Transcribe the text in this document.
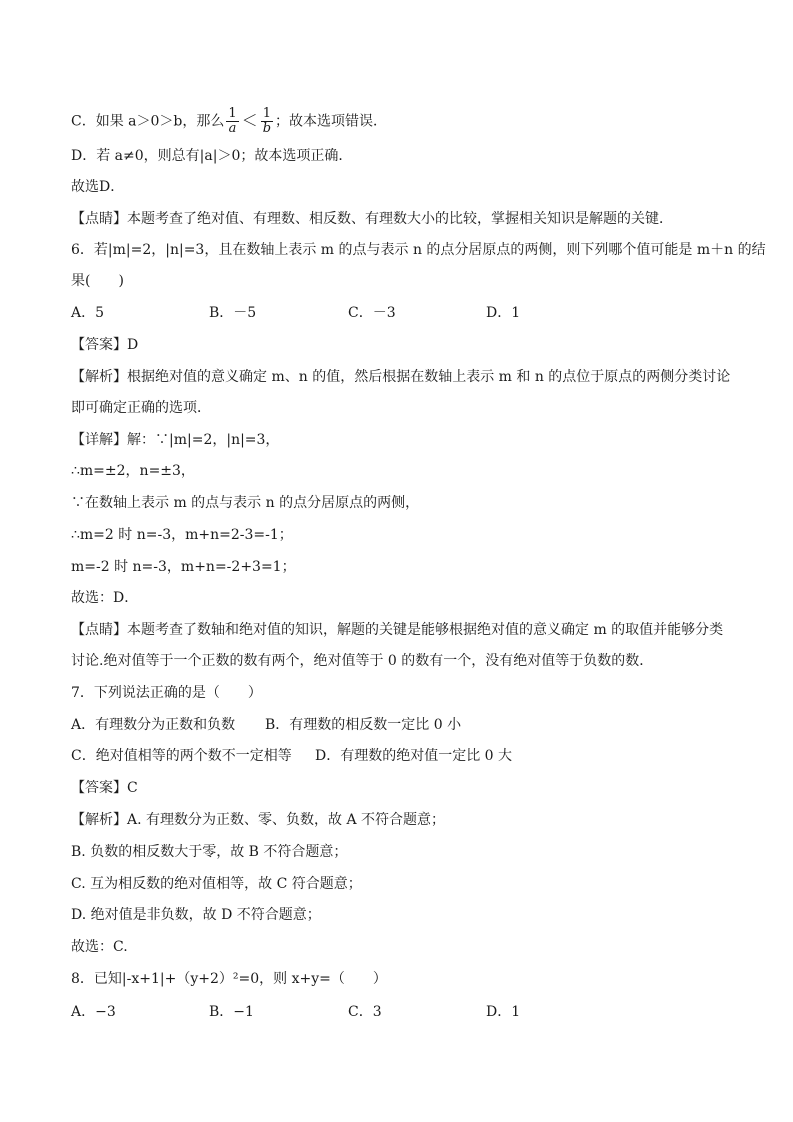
C．如果 a＞0＞b，那么 $\frac{1}{a} < \frac{1}{b}$ ；故本选项错误．
D．若 a≠0，则总有|a|＞0；故本选项正确．
故选D．
【点睛】本题考查了绝对值、有理数、相反数、有理数大小的比较，掌握相关知识是解题的关键．
6．若|m|=2，|n|=3，且在数轴上表示 m 的点与表示 n 的点分居原点的两侧，则下列哪个值可能是 m＋n 的结
果(　　)
A．5	B．－5	C．－3	D．1
【答案】D
【解析】根据绝对值的意义确定 m、n 的值，然后根据在数轴上表示 m 和 n 的点位于原点的两侧分类讨论
即可确定正确的选项．
【详解】解：∵|m|=2，|n|=3，
∴m=±2，n=±3，
∵在数轴上表示 m 的点与表示 n 的点分居原点的两侧，
∴m=2 时 n=-3，m+n=2-3=-1；
m=-2 时 n=-3，m+n=-2+3=1；
故选：D．
【点睛】本题考查了数轴和绝对值的知识，解题的关键是能够根据绝对值的意义确定 m 的取值并能够分类
讨论.绝对值等于一个正数的数有两个，绝对值等于 0 的数有一个，没有绝对值等于负数的数．
7．下列说法正确的是（　　）
A．有理数分为正数和负数 B．有理数的相反数一定比 0 小
C．绝对值相等的两个数不一定相等 D．有理数的绝对值一定比 0 大
【答案】C
【解析】A. 有理数分为正数、零、负数，故 A 不符合题意；
B. 负数的相反数大于零，故 B 不符合题意；
C. 互为相反数的绝对值相等，故 C 符合题意；
D. 绝对值是非负数，故 D 不符合题意；
故选：C.
8．已知|-x+1|+（y+2）²=0，则 x+y=（　　）
A．−3	B．−1	C．3	D．1
